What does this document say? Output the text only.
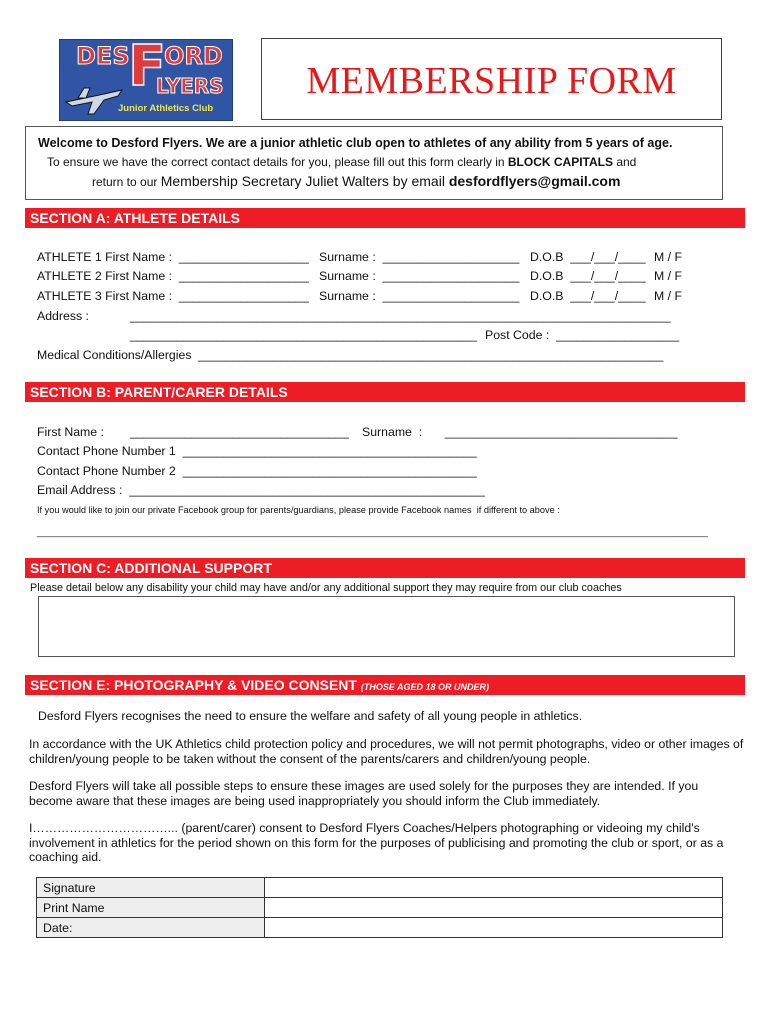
DES
F
ORD
LYERS
Junior Athletics Club
MEMBERSHIP FORM
Welcome to Desford Flyers. We are a junior athletic club open to athletes of any ability from 5 years of age.
To ensure we have the correct contact details for you, please fill out this form clearly in BLOCK CAPITALS and
return to our Membership Secretary Juliet Walters by email desfordflyers@gmail.com
SECTION A: ATHLETE DETAILS
ATHLETE 1 First Name :  ___________________ Surname :  ____________________ D.O.B  ___/___/____ M / F
ATHLETE 2 First Name :  ___________________ Surname :  ____________________ D.O.B  ___/___/____ M / F
ATHLETE 3 First Name :  ___________________ Surname :  ____________________ D.O.B  ___/___/____ M / F
Address :	_________________________________________________________________________________
____________________________________________________ Post Code :  __________________
Medical Conditions/Allergies  ____________________________________________________________________
SECTION B: PARENT/CARER DETAILS
First Name : ________________________________ Surname  : __________________________________
Contact Phone Number 1  ___________________________________________
Contact Phone Number 2  ___________________________________________
Email Address :  ____________________________________________________
If you would like to join our private Facebook group for parents/guardians, please provide Facebook names  if different to above :
______________________________________________________________________________________________________________________________________
SECTION C: ADDITIONAL SUPPORT
Please detail below any disability your child may have and/or any additional support they may require from our club coaches
SECTION E: PHOTOGRAPHY & VIDEO CONSENT (THOSE AGED 18 OR UNDER)
Desford Flyers recognises the need to ensure the welfare and safety of all young people in athletics.
In accordance with the UK Athletics child protection policy and procedures, we will not permit photographs, video or other images of children/young people to be taken without the consent of the parents/carers and children/young people.
Desford Flyers will take all possible steps to ensure these images are used solely for the purposes they are intended. If you become aware that these images are being used inappropriately you should inform the Club immediately.
I……………………………... (parent/carer) consent to Desford Flyers Coaches/Helpers photographing or videoing my child's involvement in athletics for the period shown on this form for the purposes of publicising and promoting the club or sport, or as a coaching aid.
Signature	
Print Name	
Date:	
